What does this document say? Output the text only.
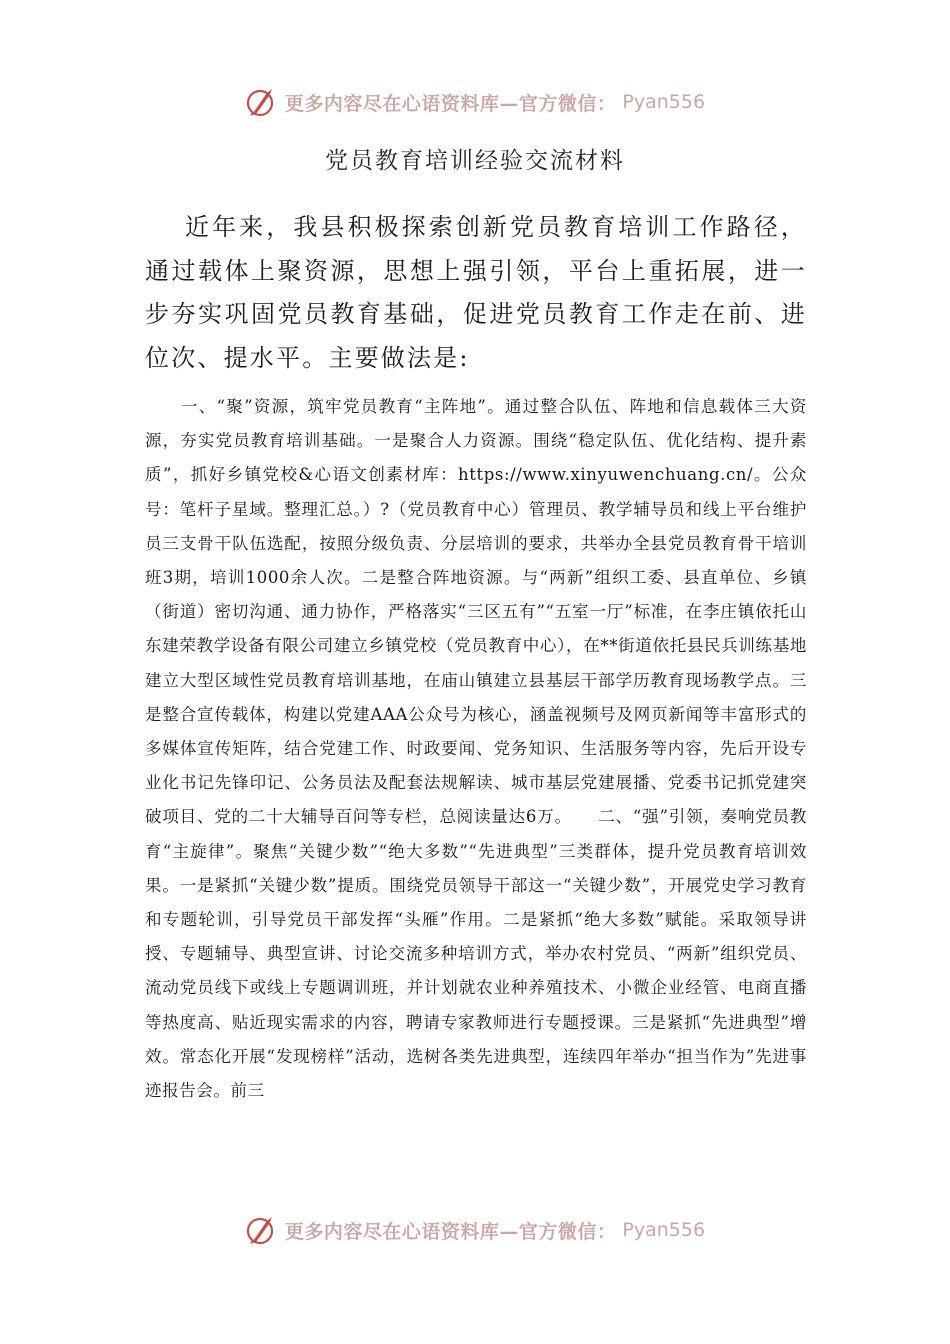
更多内容尽在心语资料库—官方微信： Pyan556
党员教育培训经验交流材料

近年来，我县积极探索创新党员教育培训工作路径，通过载体上聚资源，思想上强引领，平台上重拓展，进一步夯实巩固党员教育基础，促进党员教育工作走在前、进位次、提水平。主要做法是:

一、“聚”资源，筑牢党员教育“主阵地”。通过整合队伍、阵地和信息载体三大资源，夯实党员教育培训基础。一是聚合人力资源。围绕“稳定队伍、优化结构、提升素质”，抓好乡镇党校&心语文创素材库：https://www.xinyuwenchuang.cn/。公众号：笔杆子星域。整理汇总。）?（党员教育中心）管理员、教学辅导员和线上平台维护员三支骨干队伍选配，按照分级负责、分层培训的要求，共举办全县党员教育骨干培训班3期，培训1000余人次。二是整合阵地资源。与“两新”组织工委、县直单位、乡镇（街道）密切沟通、通力协作，严格落实“三区五有”“五室一厅”标准，在李庄镇依托山东建荣教学设备有限公司建立乡镇党校（党员教育中心），在**街道依托县民兵训练基地建立大型区域性党员教育培训基地，在庙山镇建立县基层干部学历教育现场教学点。三是整合宣传载体，构建以党建AAA公众号为核心，涵盖视频号及网页新闻等丰富形式的多媒体宣传矩阵，结合党建工作、时政要闻、党务知识、生活服务等内容，先后开设专业化书记先锋印记、公务员法及配套法规解读、城市基层党建展播、党委书记抓党建突破项目、党的二十大辅导百问等专栏，总阅读量达6万。　　二、“强”引领，奏响党员教育“主旋律”。聚焦“关键少数”“绝大多数”“先进典型”三类群体，提升党员教育培训效果。一是紧抓“关键少数”提质。围绕党员领导干部这一“关键少数”，开展党史学习教育和专题轮训，引导党员干部发挥“头雁”作用。二是紧抓“绝大多数”赋能。采取领导讲授、专题辅导、典型宣讲、讨论交流多种培训方式，举办农村党员、“两新”组织党员、流动党员线下或线上专题调训班，并计划就农业种养殖技术、小微企业经管、电商直播等热度高、贴近现实需求的内容，聘请专家教师进行专题授课。三是紧抓“先进典型”增效。常态化开展“发现榜样”活动，选树各类先进典型，连续四年举办“担当作为”先进事迹报告会。前三

更多内容尽在心语资料库—官方微信： Pyan556
